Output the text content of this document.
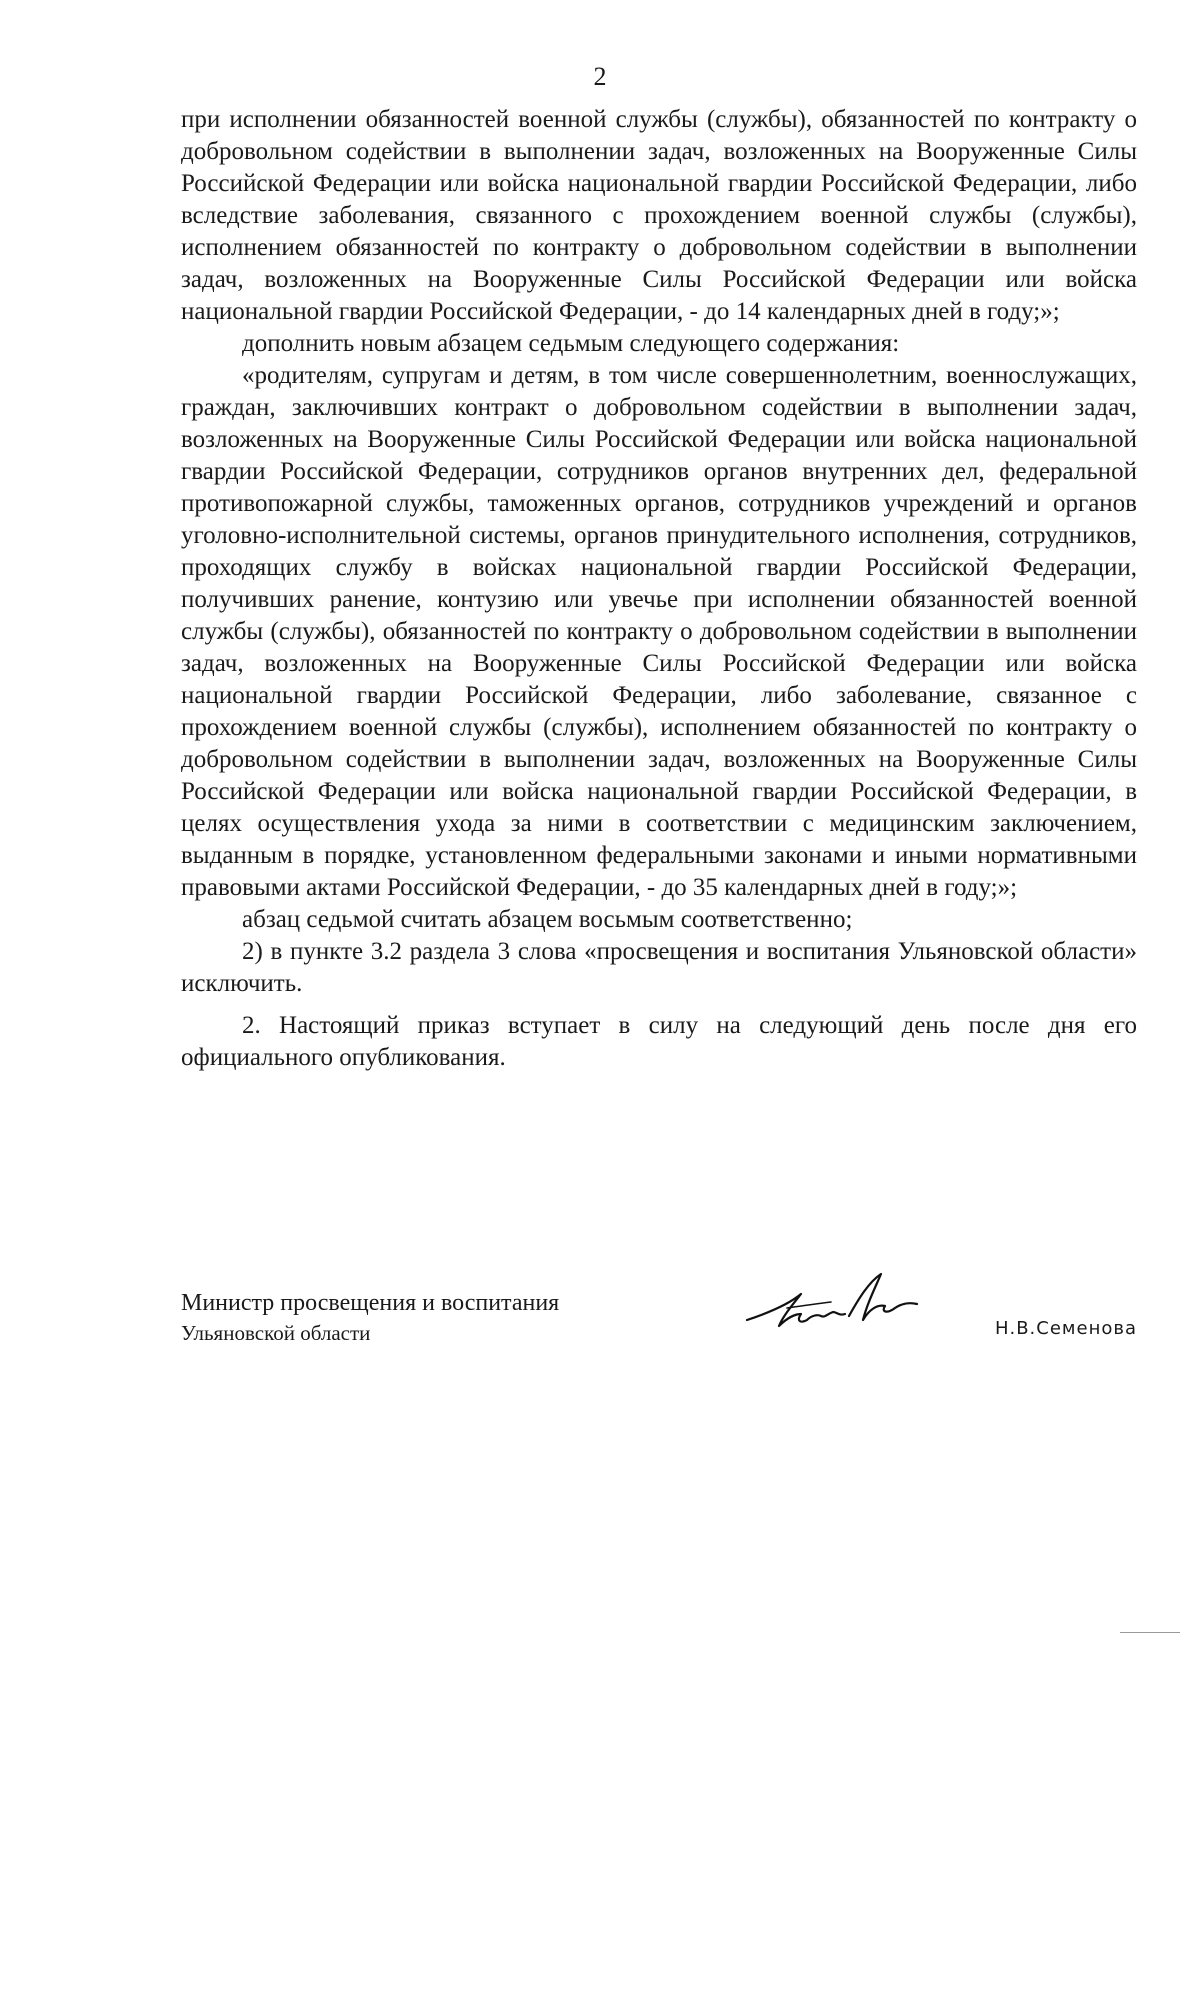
2

при исполнении обязанностей военной службы (службы), обязанностей по контракту о добровольном содействии в выполнении задач, возложенных на Вооруженные Силы Российской Федерации или войска национальной гвардии Российской Федерации, либо вследствие заболевания, связанного с прохождением военной службы (службы), исполнением обязанностей по контракту о добровольном содействии в выполнении задач, возложенных на Вооруженные Силы Российской Федерации или войска национальной гвардии Российской Федерации, - до 14 календарных дней в году;»;

дополнить новым абзацем седьмым следующего содержания:

«родителям, супругам и детям, в том числе совершеннолетним, военнослужащих, граждан, заключивших контракт о добровольном содействии в выполнении задач, возложенных на Вооруженные Силы Российской Федерации или войска национальной гвардии Российской Федерации, сотрудников органов внутренних дел, федеральной противопожарной службы, таможенных органов, сотрудников учреждений и органов уголовно-исполнительной системы, органов принудительного исполнения, сотрудников, проходящих службу в войсках национальной гвардии Российской Федерации, получивших ранение, контузию или увечье при исполнении обязанностей военной службы (службы), обязанностей по контракту о добровольном содействии в выполнении задач, возложенных на Вооруженные Силы Российской Федерации или войска национальной гвардии Российской Федерации, либо заболевание, связанное с прохождением военной службы (службы), исполнением обязанностей по контракту о добровольном содействии в выполнении задач, возложенных на Вооруженные Силы Российской Федерации или войска национальной гвардии Российской Федерации, в целях осуществления ухода за ними в соответствии с медицинским заключением, выданным в порядке, установленном федеральными законами и иными нормативными правовыми актами Российской Федерации, - до 35 календарных дней в году;»;

абзац седьмой считать абзацем восьмым соответственно;

2) в пункте 3.2 раздела 3 слова «просвещения и воспитания Ульяновской области» исключить.

2. Настоящий приказ вступает в силу на следующий день после дня его официального опубликования.

Министр просвещения и воспитания
Ульяновской области	Н.В.Семенова
